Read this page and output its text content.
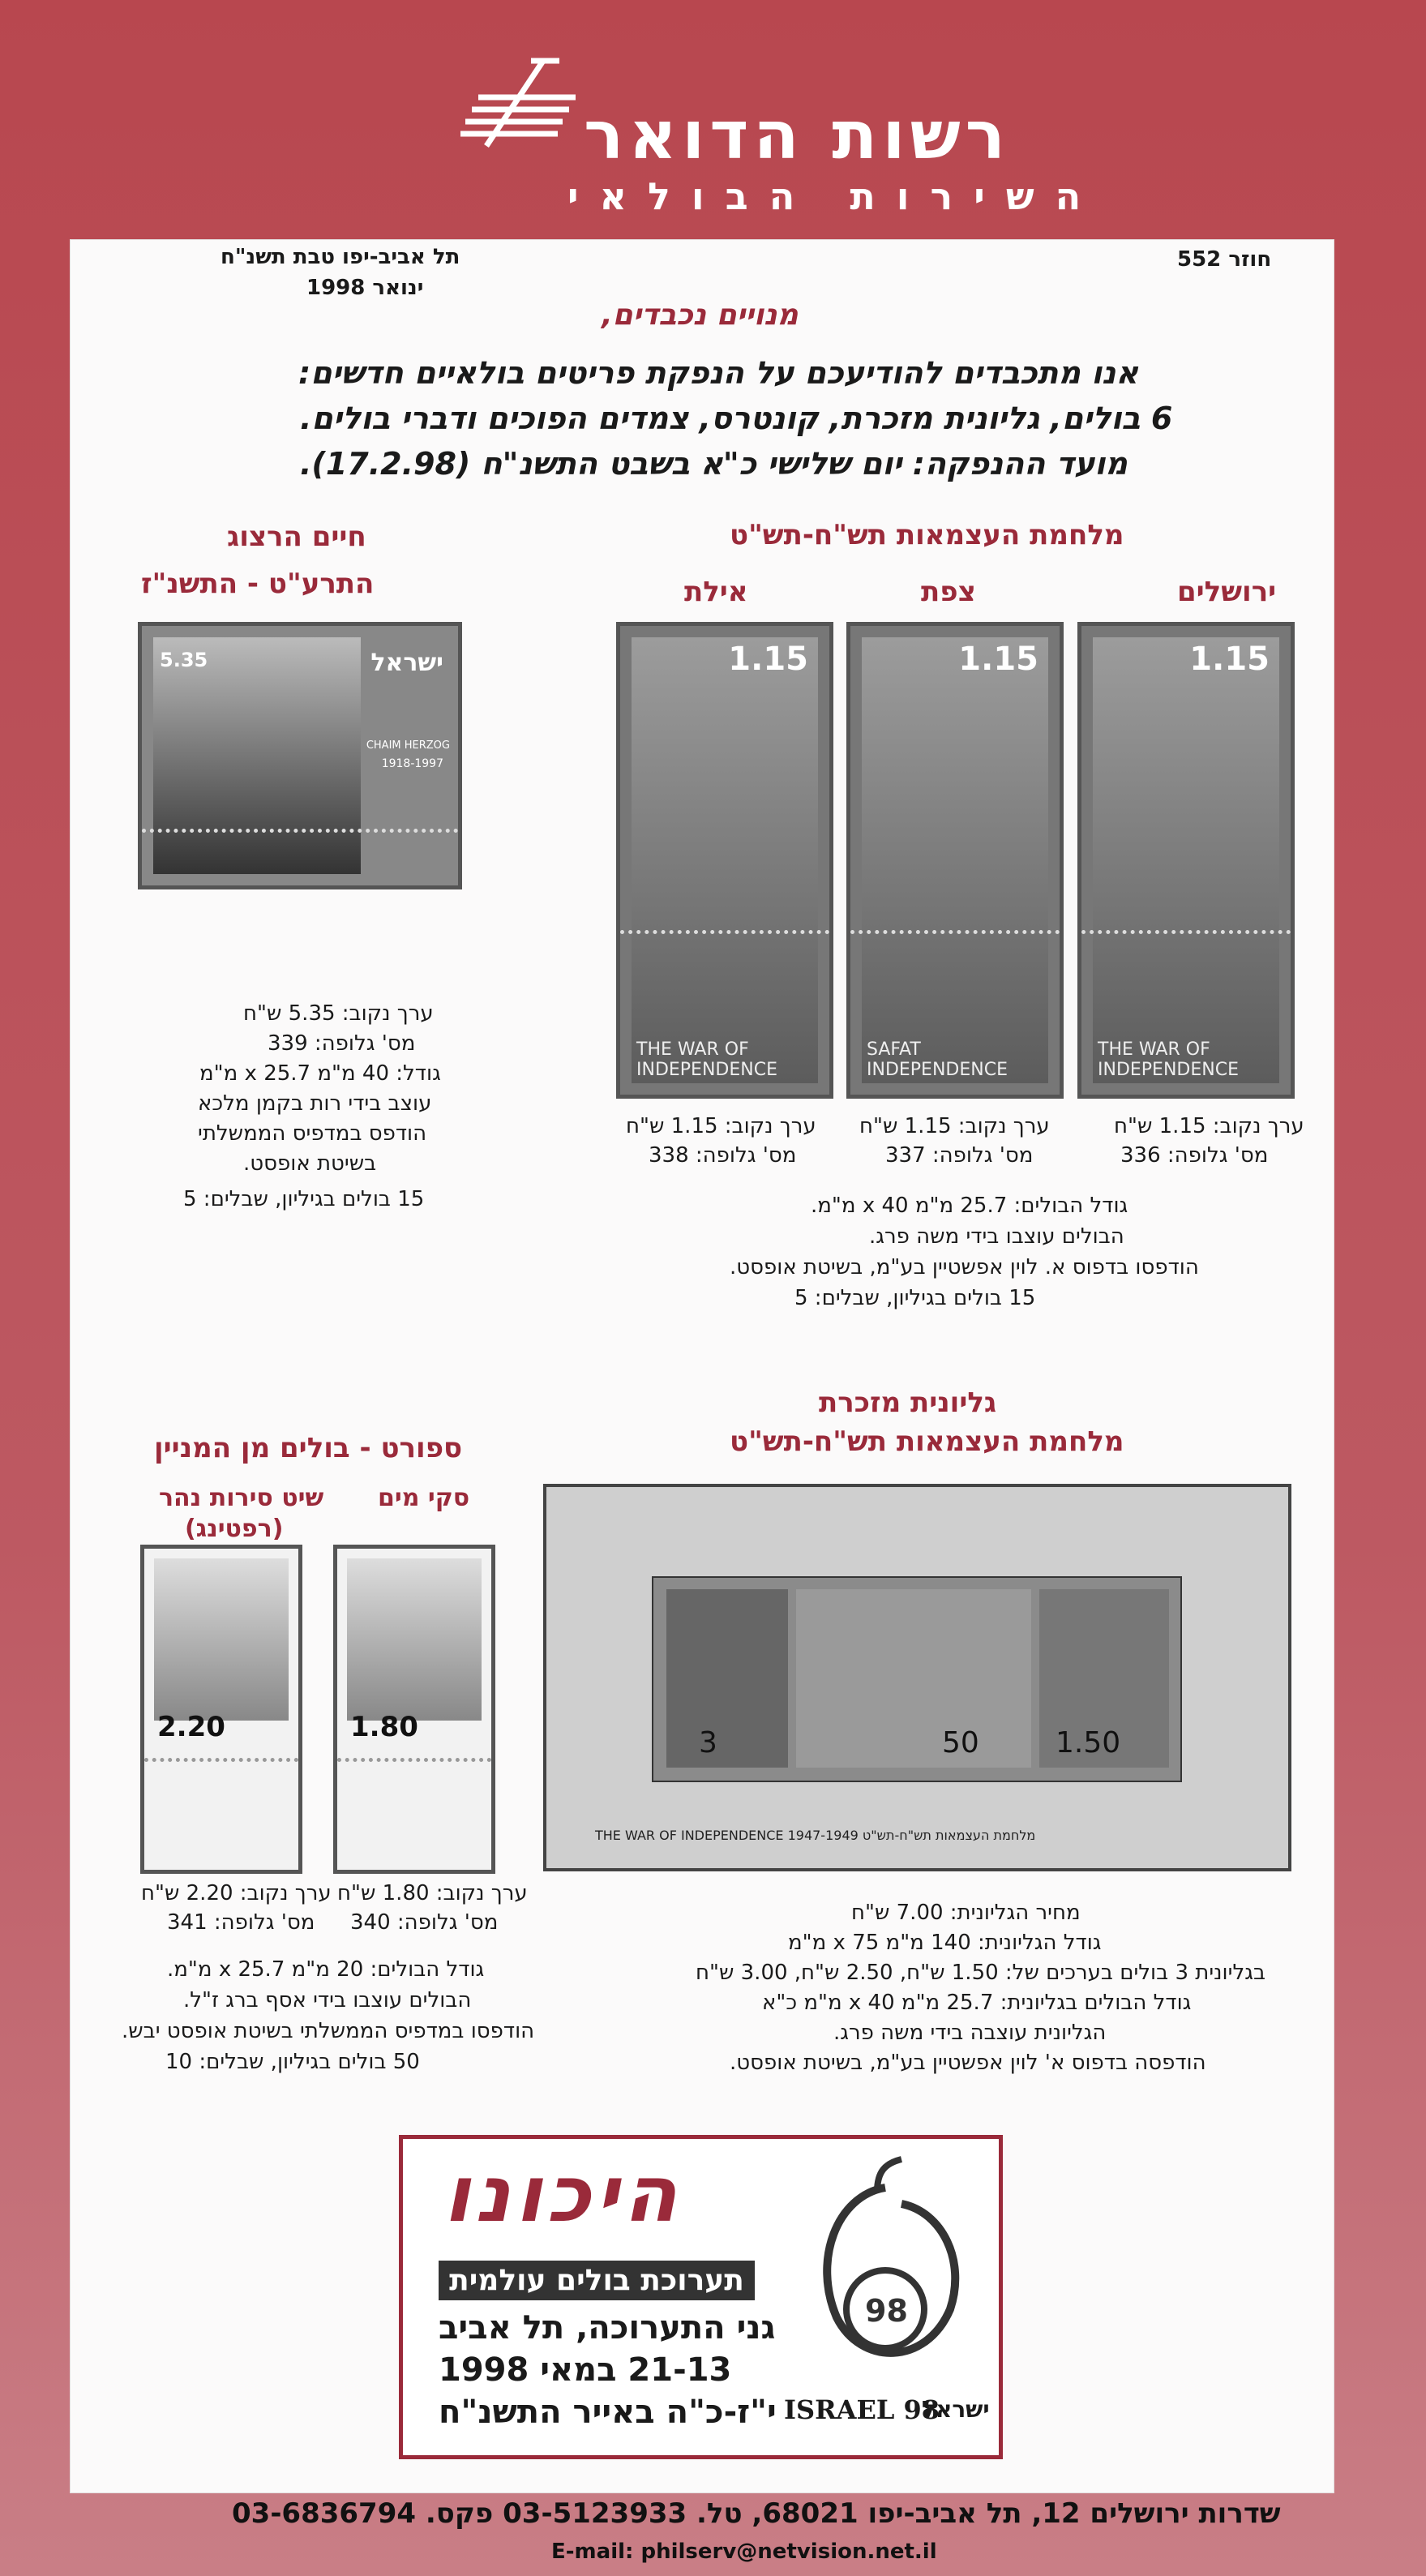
רשות הדואר
השירות הבולאי
חוזר 552
תל אביב-יפו טבת תשנ"ח
ינואר 1998
מנויים נכבדים,
אנו מתכבדים להודיעכם על הנפקת פריטים בולאיים חדשים:
6 בולים, גליונית מזכרת, קונטרס, צמדים הפוכים ודברי בולים.
מועד ההנפקה: יום שלישי כ"א בשבט התשנ"ח (17.2.98).
מלחמת העצמאות תש"ח-תש"ט
ירושלים
צפת
אילת
1.15
THE WAR OF INDEPENDENCE
1.15
SAFAT INDEPENDENCE
1.15
THE WAR OF INDEPENDENCE
ערך נקוב: 1.15 ש"ח
מס' גלופה: 336
ערך נקוב: 1.15 ש"ח
מס' גלופה: 337
ערך נקוב: 1.15 ש"ח
מס' גלופה: 338
גודל הבולים: 25.7 מ"מ x 40 מ"מ.
הבולים עוצבו בידי משה פרג.
הודפסו בדפוס א. לוין אפשטיין בע"מ, בשיטת אופסט.
15 בולים בגיליון, שבלים: 5
חיים הרצוג
התרע"ט - התשנ"ז
5.35	ישראל
CHAIM HERZOG
1918-1997
ערך נקוב: 5.35 ש"ח
מס' גלופה: 339
גודל: 40 מ"מ x 25.7 מ"מ
עוצב בידי רות בקמן מלכא
הודפס במדפיס הממשלתי
בשיטת אופסט.
15 בולים בגיליון, שבלים: 5
גליונית מזכרת
מלחמת העצמאות תש"ח-תש"ט
3	50	1.50
THE WAR OF INDEPENDENCE 1947-1949 מלחמת העצמאות תש"ח-תש"ט
מחיר הגליונית: 7.00 ש"ח
גודל הגליונית: 140 מ"מ x 75 מ"מ
בגליונית 3 בולים בערכים של: 1.50 ש"ח, 2.50 ש"ח, 3.00 ש"ח
גודל הבולים בגליונית: 25.7 מ"מ x 40 מ"מ כ"א
הגליונית עוצבה בידי משה פרג.
הודפסה בדפוס א' לוין אפשטיין בע"מ, בשיטת אופסט.
ספורט - בולים מן המניין
שיט סירות נהר
(רפטינג)
סקי מים
2.20	1.80
ערך נקוב: 2.20 ש"ח
מס' גלופה: 341
ערך נקוב: 1.80 ש"ח
מס' גלופה: 340
גודל הבולים: 20 מ"מ x 25.7 מ"מ.
הבולים עוצבו בידי אסף ברג ז"ל.
הודפסו במדפיס הממשלתי בשיטת אופסט יבש.
50 בולים בגיליון, שבלים: 10
היכונו
תערוכת בולים עולמית
גני התערוכה, תל אביב
21-13 במאי 1998
י"ז-כ"ה באייר התשנ"ח
98
ISRAEL 98
ישראל
שדרות ירושלים 12, תל אביב-יפו 68021, טל. 03-5123933 פקס. 03-6836794
E-mail: philserv@netvision.net.il
